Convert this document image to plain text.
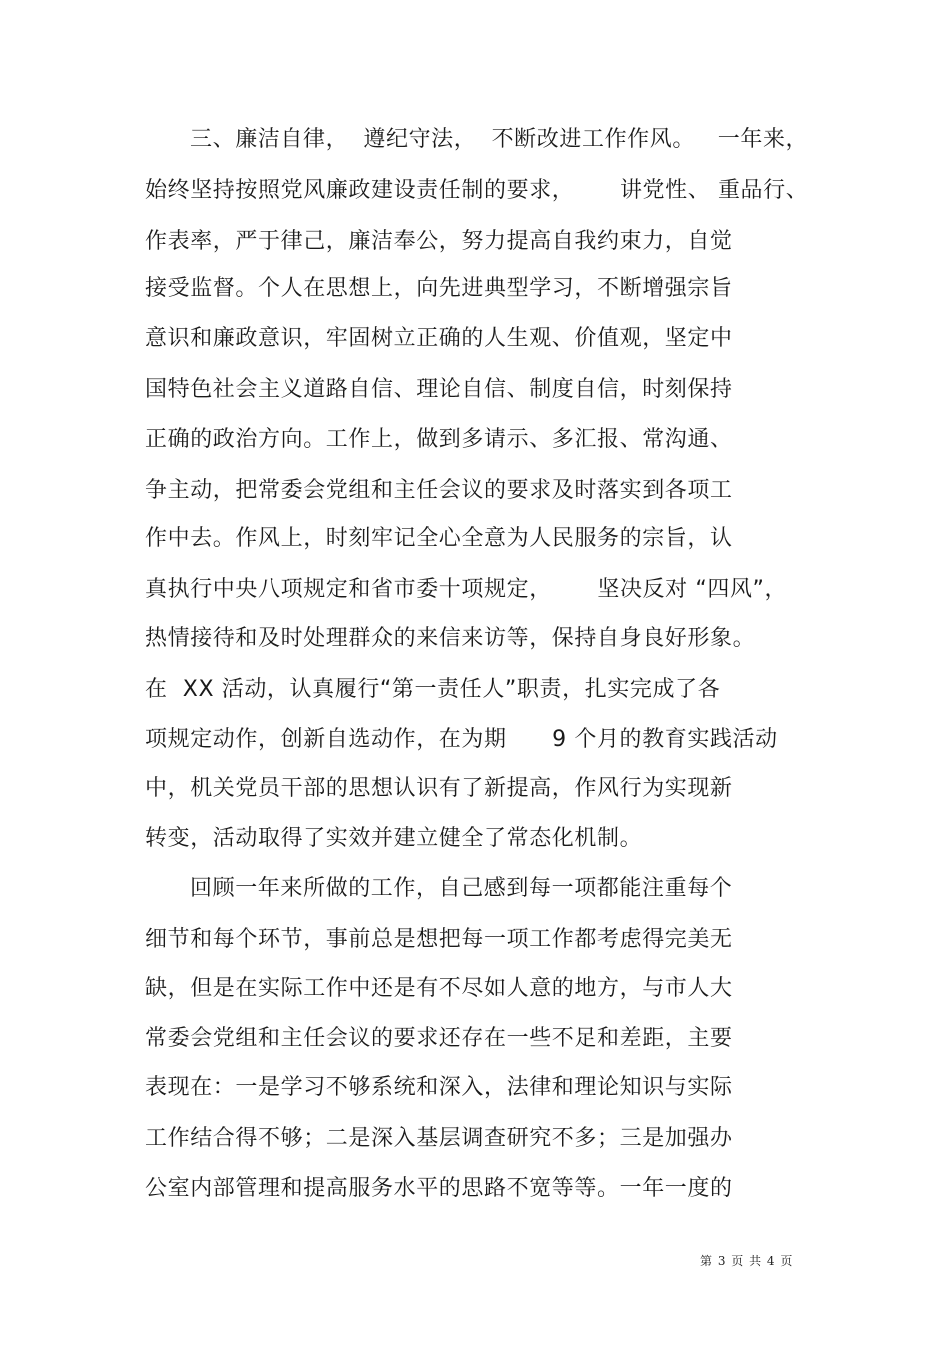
三、廉洁自律，  遵纪守法，  不断改进工作作风。   一年来，
始终坚持按照党风廉政建设责任制的要求，      讲党性、 重品行、
作表率，严于律己，廉洁奉公，努力提高自我约束力，自觉
接受监督。个人在思想上，向先进典型学习，不断增强宗旨
意识和廉政意识，牢固树立正确的人生观、价值观，坚定中
国特色社会主义道路自信、理论自信、制度自信，时刻保持
正确的政治方向。工作上，做到多请示、多汇报、常沟通、
争主动，把常委会党组和主任会议的要求及时落实到各项工
作中去。作风上，时刻牢记全心全意为人民服务的宗旨，认
真执行中央八项规定和省市委十项规定，      坚决反对 “四风”，
热情接待和及时处理群众的来信来访等，保持自身良好形象。
在  XX 活动，认真履行“第一责任人”职责，扎实完成了各
项规定动作，创新自选动作，在为期      9 个月的教育实践活动
中，机关党员干部的思想认识有了新提高，作风行为实现新
转变，活动取得了实效并建立健全了常态化机制。
回顾一年来所做的工作，自己感到每一项都能注重每个
细节和每个环节，事前总是想把每一项工作都考虑得完美无
缺，但是在实际工作中还是有不尽如人意的地方，与市人大
常委会党组和主任会议的要求还存在一些不足和差距，主要
表现在：一是学习不够系统和深入，法律和理论知识与实际
工作结合得不够；二是深入基层调查研究不多；三是加强办
公室内部管理和提高服务水平的思路不宽等等。一年一度的
第 3 页 共 4 页
